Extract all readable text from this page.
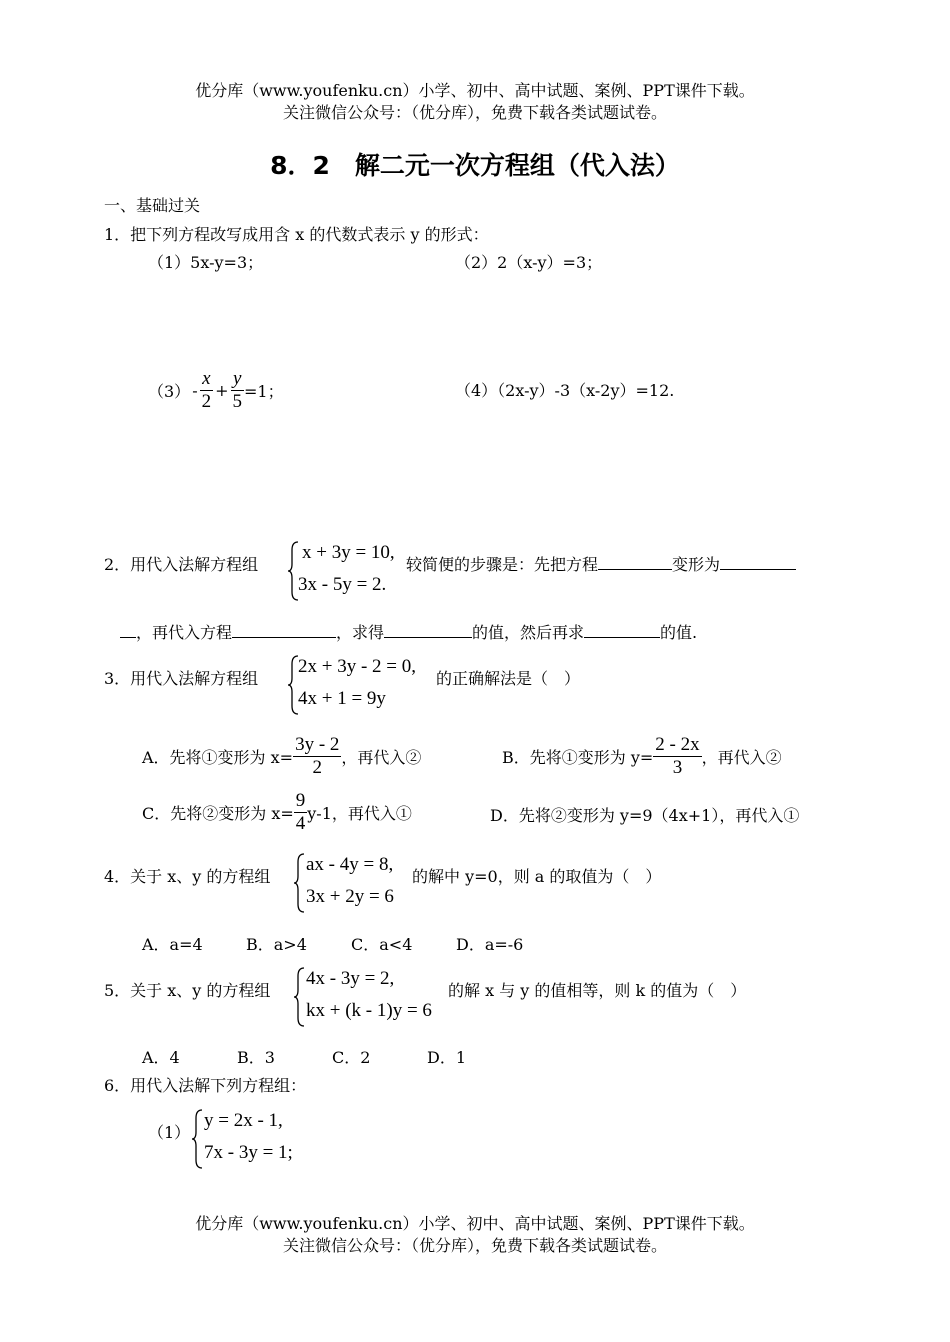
优分库（www.youfenku.cn）小学、初中、高中试题、案例、PPT课件下载。
关注微信公众号：（优分库），免费下载各类试题试卷。
8．2　解二元一次方程组（代入法）
一、基础过关
1．把下列方程改写成用含 x 的代数式表示 y 的形式：
（1）5x-y=3；	（2）2（x-y）=3；
$(3) - \frac{x}{2} + \frac{y}{5} =1$；	（4）（2x-y）-3（x-2y）=12.
2．用代入法解方程组
x + 3y = 10,
3x - 5y = 2.
较简便的步骤是：先把方程	变形为
，再代入方程	，求得	的值，然后再求	的值.
3．用代入法解方程组
2x + 3y - 2 = 0,
4x + 1 = 9y
的正确解法是（　）
A．先将①变形为 $x= \frac{3y - 2}{2}$ ，再代入②	B．先将①变形为 $y= \frac{2 - 2x}{3}$ ，再代入②
C．先将②变形为 $x= \frac{9}{4} y-1$，再代入①	D．先将②变形为 y=9（4x+1），再代入①
4．关于 x、y 的方程组
ax - 4y = 8,
3x + 2y = 6
的解中 y=0，则 a 的取值为（　）
A．a=4	B．a>4	C．a<4	D．a=-6
5．关于 x、y 的方程组
4x - 3y = 2,
kx + (k - 1)y = 6
的解 x 与 y 的值相等，则 k 的值为（　）
A．4	B．3	C．2	D．1
6．用代入法解下列方程组：
（1）
y = 2x - 1,
7x - 3y = 1;
优分库（www.youfenku.cn）小学、初中、高中试题、案例、PPT课件下载。
关注微信公众号：（优分库），免费下载各类试题试卷。
